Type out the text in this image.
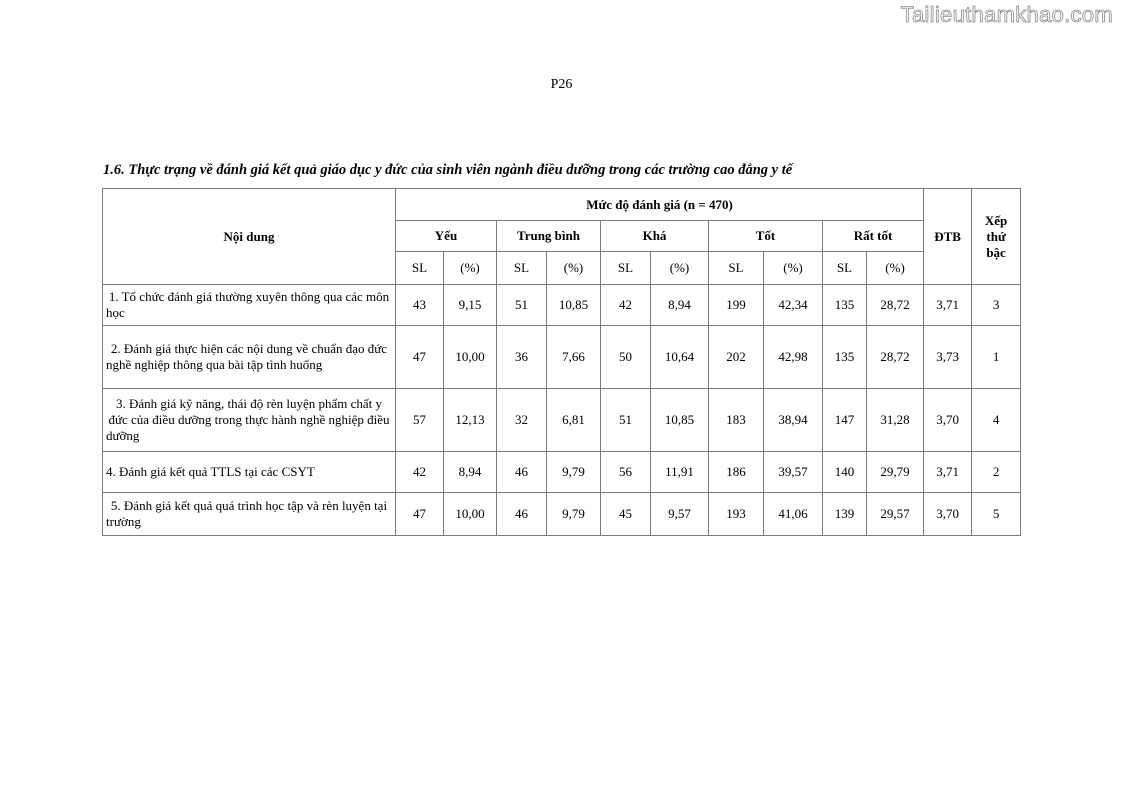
Tailieuthamkhao.com
P26
1.6. Thực trạng về đánh giá kết quả giáo dục y đức của sinh viên ngành điều dưỡng trong các trường cao đẳng y tế
Nội dung	Mức độ đánh giá (n = 470)										ĐTB	Xếp thứ bậc
	Yếu		Trung bình		Khá		Tốt		Rất tốt			
	SL	(%)	SL	(%)	SL	(%)	SL	(%)	SL	(%)		
1. Tổ chức đánh giá thường xuyên thông qua các môn học	43	9,15	51	10,85	42	8,94	199	42,34	135	28,72	3,71	3
2. Đánh giá thực hiện các nội dung về chuẩn đạo đức nghề nghiệp thông qua bài tập tình huống	47	10,00	36	7,66	50	10,64	202	42,98	135	28,72	3,73	1
3. Đánh giá kỹ năng, thái độ rèn luyện phẩm chất y đức của điều dưỡng trong thực hành nghề nghiệp điều dưỡng	57	12,13	32	6,81	51	10,85	183	38,94	147	31,28	3,70	4
4. Đánh giá kết quả TTLS tại các CSYT	42	8,94	46	9,79	56	11,91	186	39,57	140	29,79	3,71	2
5. Đánh giá kết quả quá trình học tập và rèn luyện tại trường	47	10,00	46	9,79	45	9,57	193	41,06	139	29,57	3,70	5
